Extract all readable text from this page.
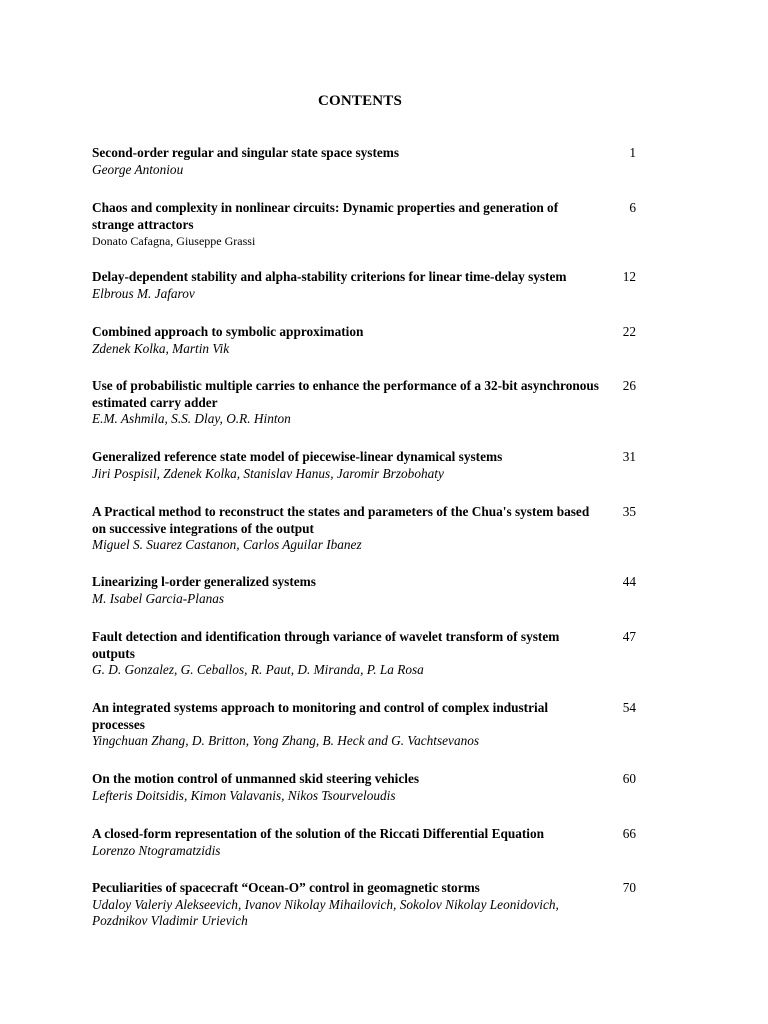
CONTENTS
Second-order regular and singular state space systems
George Antoniou
1
Chaos and complexity in nonlinear circuits: Dynamic properties and generation of strange attractors
Donato Cafagna, Giuseppe Grassi
6
Delay-dependent stability and alpha-stability criterions for linear time-delay system
Elbrous M. Jafarov
12
Combined approach to symbolic approximation
Zdenek Kolka, Martin Vik
22
Use of probabilistic multiple carries to enhance the performance of a 32-bit asynchronous estimated carry adder
E.M. Ashmila, S.S. Dlay, O.R. Hinton
26
Generalized reference state model of piecewise-linear dynamical systems
Jiri Pospisil, Zdenek Kolka, Stanislav Hanus, Jaromir Brzobohaty
31
A Practical method to reconstruct the states and parameters of the Chua's system based on successive integrations of the output
Miguel S. Suarez Castanon, Carlos Aguilar Ibanez
35
Linearizing l-order generalized systems
M. Isabel Garcia-Planas
44
Fault detection and identification through variance of wavelet transform of system outputs
G. D. Gonzalez, G. Ceballos, R. Paut, D. Miranda, P. La Rosa
47
An integrated systems approach to monitoring and control of complex industrial processes
Yingchuan Zhang, D. Britton, Yong Zhang, B. Heck and G. Vachtsevanos
54
On the motion control of unmanned skid steering vehicles
Lefteris Doitsidis, Kimon Valavanis, Nikos Tsourveloudis
60
A closed-form representation of the solution of the Riccati Differential Equation
Lorenzo Ntogramatzidis
66
Peculiarities of spacecraft “Ocean-O” control in geomagnetic storms
Udaloy Valeriy Alekseevich, Ivanov Nikolay Mihailovich, Sokolov Nikolay Leonidovich, Pozdnikov Vladimir Urievich
70
